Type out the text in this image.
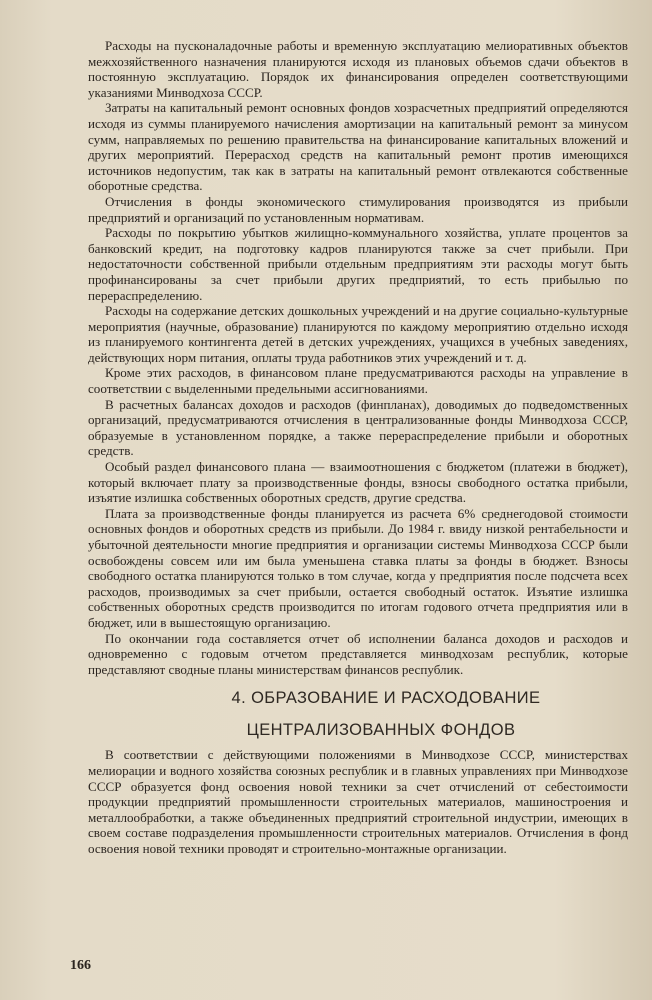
Расходы на пусконаладочные работы и временную эксплуатацию мелиоративных объектов межхозяйственного назначения планируются исходя из плановых объемов сдачи объектов в постоянную эксплуатацию. Порядок их финансирования определен соответствующими указаниями Минводхоза СССР.

Затраты на капитальный ремонт основных фондов хозрасчетных предприятий определяются исходя из суммы планируемого начисления амортизации на капитальный ремонт за минусом сумм, направляемых по решению правительства на финансирование капитальных вложений и других мероприятий. Перерасход средств на капитальный ремонт против имеющихся источников недопустим, так как в затраты на капитальный ремонт отвлекаются собственные оборотные средства.

Отчисления в фонды экономического стимулирования производятся из прибыли предприятий и организаций по установленным нормативам.

Расходы по покрытию убытков жилищно-коммунального хозяйства, уплате процентов за банковский кредит, на подготовку кадров планируются также за счет прибыли. При недостаточности собственной прибыли отдельным предприятиям эти расходы могут быть профинансированы за счет прибыли других предприятий, то есть прибылью по перераспределению.

Расходы на содержание детских дошкольных учреждений и на другие социально-культурные мероприятия (научные, образование) планируются по каждому мероприятию отдельно исходя из планируемого контингента детей в детских учреждениях, учащихся в учебных заведениях, действующих норм питания, оплаты труда работников этих учреждений и т. д.

Кроме этих расходов, в финансовом плане предусматриваются расходы на управление в соответствии с выделенными предельными ассигнованиями.

В расчетных балансах доходов и расходов (финпланах), доводимых до подведомственных организаций, предусматриваются отчисления в централизованные фонды Минводхоза СССР, образуемые в установленном порядке, а также перераспределение прибыли и оборотных средств.

Особый раздел финансового плана — взаимоотношения с бюджетом (платежи в бюджет), который включает плату за производственные фонды, взносы свободного остатка прибыли, изъятие излишка собственных оборотных средств, другие средства.

Плата за производственные фонды планируется из расчета 6% среднегодовой стоимости основных фондов и оборотных средств из прибыли. До 1984 г. ввиду низкой рентабельности и убыточной деятельности многие предприятия и организации системы Минводхоза СССР были освобождены совсем или им была уменьшена ставка платы за фонды в бюджет. Взносы свободного остатка планируются только в том случае, когда у предприятия после подсчета всех расходов, производимых за счет прибыли, остается свободный остаток. Изъятие излишка собственных оборотных средств производится по итогам годового отчета предприятия или в бюджет, или в вышестоящую организацию.

По окончании года составляется отчет об исполнении баланса доходов и расходов и одновременно с годовым отчетом представляется минводхозам республик, которые представляют сводные планы министерствам финансов республик.

4. ОБРАЗОВАНИЕ И РАСХОДОВАНИЕ
ЦЕНТРАЛИЗОВАННЫХ ФОНДОВ

В соответствии с действующими положениями в Минводхозе СССР, министерствах мелиорации и водного хозяйства союзных республик и в главных управлениях при Минводхозе СССР образуется фонд освоения новой техники за счет отчислений от себестоимости продукции предприятий промышленности строительных материалов, машиностроения и металлообработки, а также объединенных предприятий строительной индустрии, имеющих в своем составе подразделения промышленности строительных материалов. Отчисления в фонд освоения новой техники проводят и строительно-монтажные организации.

166
